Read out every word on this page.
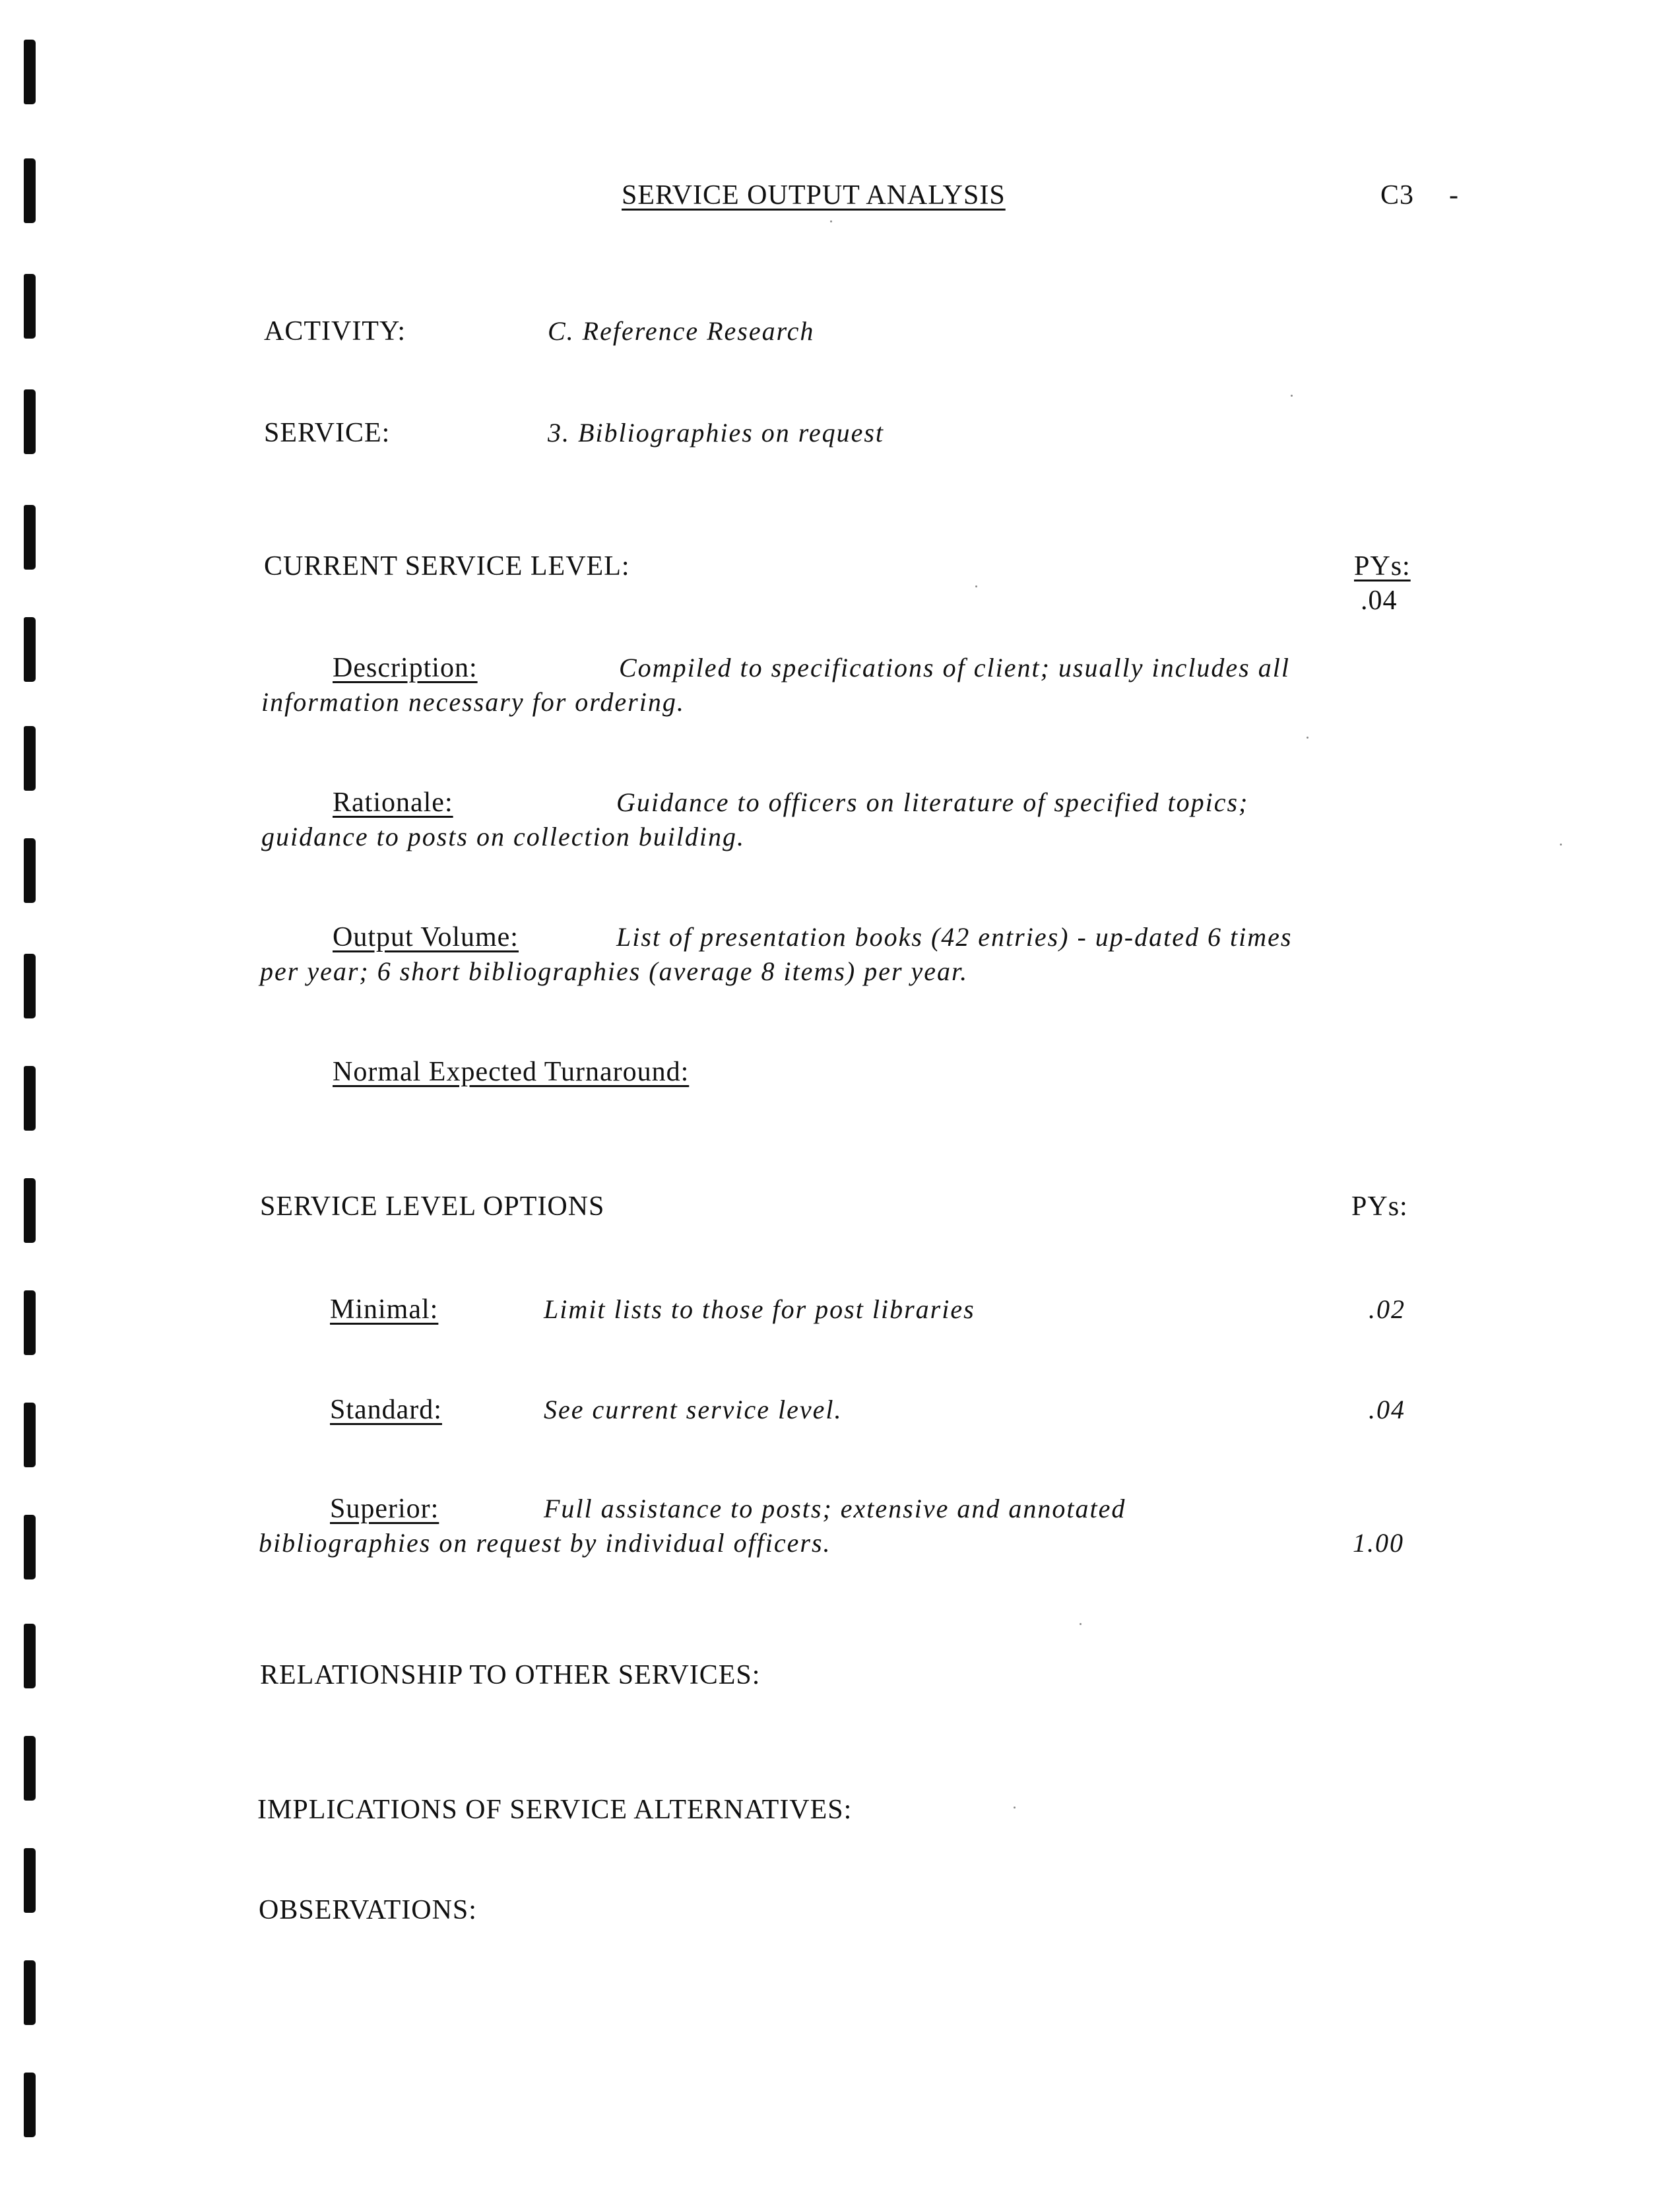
SERVICE OUTPUT ANALYSIS	C3 -
ACTIVITY:	C. Reference Research
SERVICE:	3. Bibliographies on request
CURRENT SERVICE LEVEL:	PYs:
.04
Description:	Compiled to specifications of client; usually includes all
information necessary for ordering.
Rationale:	Guidance to officers on literature of specified topics;
guidance to posts on collection building.
Output Volume:	List of presentation books (42 entries) - up-dated 6 times
per year; 6 short bibliographies (average 8 items) per year.
Normal Expected Turnaround:
SERVICE LEVEL OPTIONS	PYs:
Minimal:	Limit lists to those for post libraries	.02
Standard:	See current service level.	.04
Superior:	Full assistance to posts; extensive and annotated
bibliographies on request by individual officers.	1.00
RELATIONSHIP TO OTHER SERVICES:
IMPLICATIONS OF SERVICE ALTERNATIVES:
OBSERVATIONS:
